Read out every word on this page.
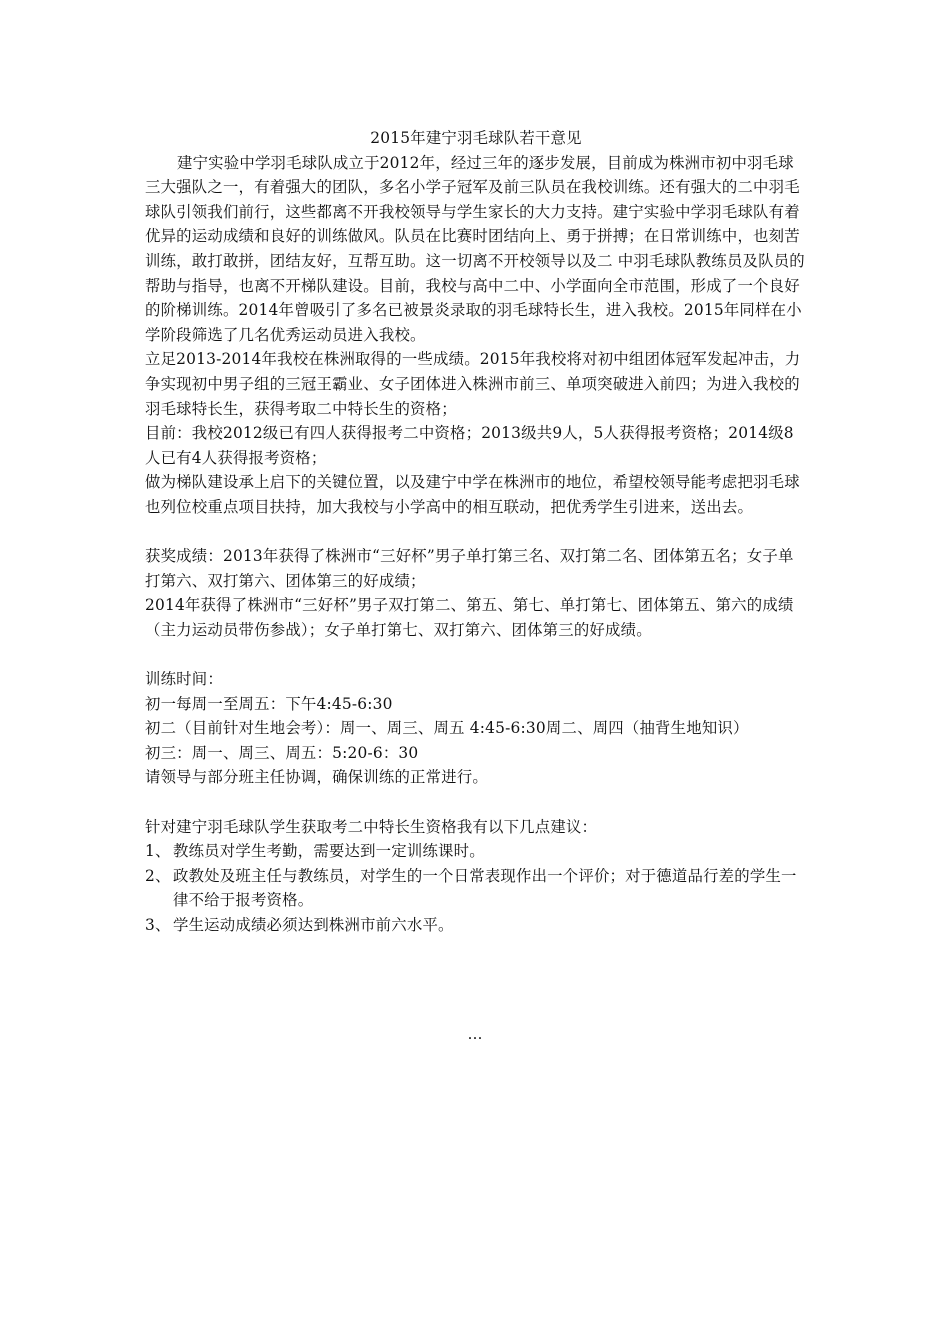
2015年建宁羽毛球队若干意见

建宁实验中学羽毛球队成立于2012年，经过三年的逐步发展，目前成为株洲市初中羽毛球三大强队之一，有着强大的团队，多名小学子冠军及前三队员在我校训练。还有强大的二中羽毛球队引领我们前行，这些都离不开我校领导与学生家长的大力支持。建宁实验中学羽毛球队有着优异的运动成绩和良好的训练做风。队员在比赛时团结向上、勇于拼搏；在日常训练中，也刻苦训练，敢打敢拼，团结友好，互帮互助。这一切离不开校领导以及二 中羽毛球队教练员及队员的帮助与指导，也离不开梯队建设。目前，我校与高中二中、小学面向全市范围，形成了一个良好的阶梯训练。2014年曾吸引了多名已被景炎录取的羽毛球特长生，进入我校。2015年同样在小学阶段筛选了几名优秀运动员进入我校。

立足2013-2014年我校在株洲取得的一些成绩。2015年我校将对初中组团体冠军发起冲击，力争实现初中男子组的三冠王霸业、女子团体进入株洲市前三、单项突破进入前四；为进入我校的羽毛球特长生，获得考取二中特长生的资格；

目前：我校2012级已有四人获得报考二中资格；2013级共9人，5人获得报考资格；2014级8人已有4人获得报考资格；

做为梯队建设承上启下的关键位置，以及建宁中学在株洲市的地位，希望校领导能考虑把羽毛球也列位校重点项目扶持，加大我校与小学高中的相互联动，把优秀学生引进来，送出去。

获奖成绩：2013年获得了株洲市“三好杯”男子单打第三名、双打第二名、团体第五名；女子单打第六、双打第六、团体第三的好成绩；

2014年获得了株洲市“三好杯”男子双打第二、第五、第七、单打第七、团体第五、第六的成绩（主力运动员带伤参战）；女子单打第七、双打第六、团体第三的好成绩。

训练时间：

初一每周一至周五：下午4:45-6:30

初二（目前针对生地会考）：周一、周三、周五 4:45-6:30周二、周四（抽背生地知识）

初三：周一、周三、周五：5:20-6：30

请领导与部分班主任协调，确保训练的正常进行。

针对建宁羽毛球队学生获取考二中特长生资格我有以下几点建议：

1、 教练员对学生考勤，需要达到一定训练课时。
2、 政教处及班主任与教练员，对学生的一个日常表现作出一个评价；对于德道品行差的学生一律不给于报考资格。
3、 学生运动成绩必须达到株洲市前六水平。
…
